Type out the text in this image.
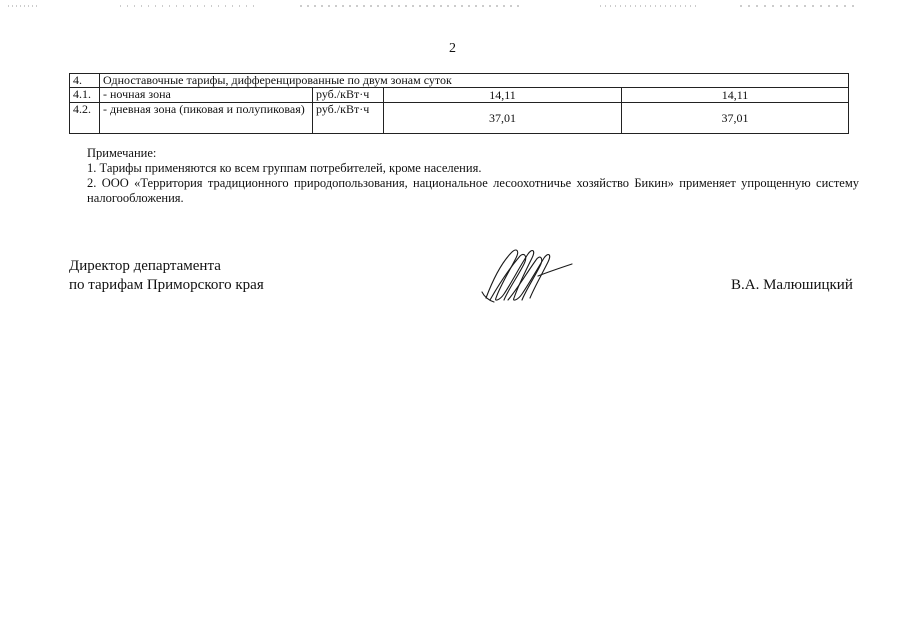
2
4.	Одноставочные тарифы, дифференцированные по двум зонам суток			
4.1.	- ночная зона	руб./кВт·ч	14,11	14,11
4.2.	- дневная зона (пиковая и полупиковая)	руб./кВт·ч	37,01	37,01

Примечание:

1. Тарифы применяются ко всем группам потребителей, кроме населения.

2. ООО «Территория традиционного природопользования, национальное лесоохотничье хозяйство Бикин» применяет упрощенную систему налогообложения.

Директор департамента
по тарифам Приморского края	В.А. Малюшицкий
